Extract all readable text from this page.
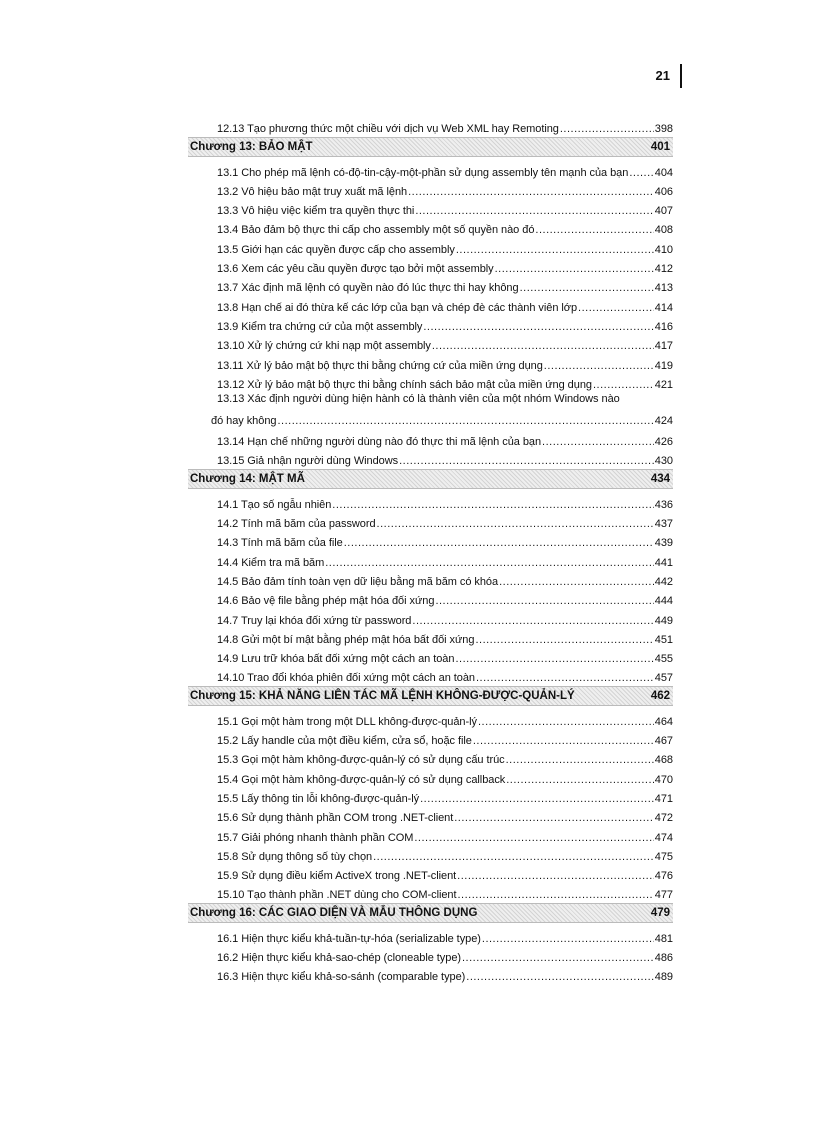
21
12.13 Tạo phương thức một chiều với dịch vụ Web XML hay Remoting .....	398
Chương 13: BẢO MẬT	401
13.1 Cho phép mã lệnh có-độ-tin-cậy-một-phần sử dụng assembly tên mạnh của bạn ..... 404
13.2 Vô hiệu bảo mật truy xuất mã lệnh .....	406
13.3 Vô hiệu việc kiểm tra quyền thực thi .....	407
13.4 Bảo đảm bộ thực thi cấp cho assembly một số quyền nào đó .....	408
13.5 Giới hạn các quyền được cấp cho assembly .....	410
13.6 Xem các yêu cầu quyền được tạo bởi một assembly .....	412
13.7 Xác định mã lệnh có quyền nào đó lúc thực thi hay không .....	413
13.8 Hạn chế ai đó thừa kế các lớp của bạn và chép đè các thành viên lớp .....	414
13.9 Kiểm tra chứng cứ của một assembly .....	416
13.10 Xử lý chứng cứ khi nạp một assembly .....	417
13.11 Xử lý bảo mật bộ thực thi bằng chứng cứ của miền ứng dụng .....	419
13.12 Xử lý bảo mật bộ thực thi bằng chính sách bảo mật của miền ứng dụng .....	421
13.13 Xác định người dùng hiện hành có là thành viên của một nhóm Windows nào
đó hay không .....	424
13.14 Hạn chế những người dùng nào đó thực thi mã lệnh của bạn .....	426
13.15 Giả nhận người dùng Windows .....	430
Chương 14: MẬT MÃ	434
14.1 Tạo số ngẫu nhiên .....	436
14.2 Tính mã băm của password .....	437
14.3 Tính mã băm của file .....	439
14.4 Kiểm tra mã băm .....	441
14.5 Bảo đảm tính toàn vẹn dữ liệu bằng mã băm có khóa .....	442
14.6 Bảo vệ file bằng phép mật hóa đối xứng .....	444
14.7 Truy lại khóa đối xứng từ password .....	449
14.8 Gửi một bí mật bằng phép mật hóa bất đối xứng .....	451
14.9 Lưu trữ khóa bất đối xứng một cách an toàn .....	455
14.10 Trao đổi khóa phiên đối xứng một cách an toàn .....	457
Chương 15: KHẢ NĂNG LIÊN TÁC MÃ LỆNH KHÔNG-ĐƯỢC-QUẢN-LÝ	462
15.1 Gọi một hàm trong một DLL không-được-quản-lý .....	464
15.2 Lấy handle của một điều kiểm, cửa sổ, hoặc file .....	467
15.3 Gọi một hàm không-được-quản-lý có sử dụng cấu trúc .....	468
15.4 Gọi một hàm không-được-quản-lý có sử dụng callback .....	470
15.5 Lấy thông tin lỗi không-được-quản-lý .....	471
15.6 Sử dụng thành phần COM trong .NET-client .....	472
15.7 Giải phóng nhanh thành phần COM .....	474
15.8 Sử dụng thông số tùy chọn .....	475
15.9 Sử dụng điều kiểm ActiveX trong .NET-client .....	476
15.10 Tạo thành phần .NET dùng cho COM-client .....	477
Chương 16: CÁC GIAO DIỆN VÀ MẪU THÔNG DỤNG	479
16.1 Hiện thực kiểu khả-tuần-tự-hóa (serializable type) .....	481
16.2 Hiện thực kiểu khả-sao-chép (cloneable type) .....	486
16.3 Hiện thực kiểu khả-so-sánh (comparable type) .....	489
